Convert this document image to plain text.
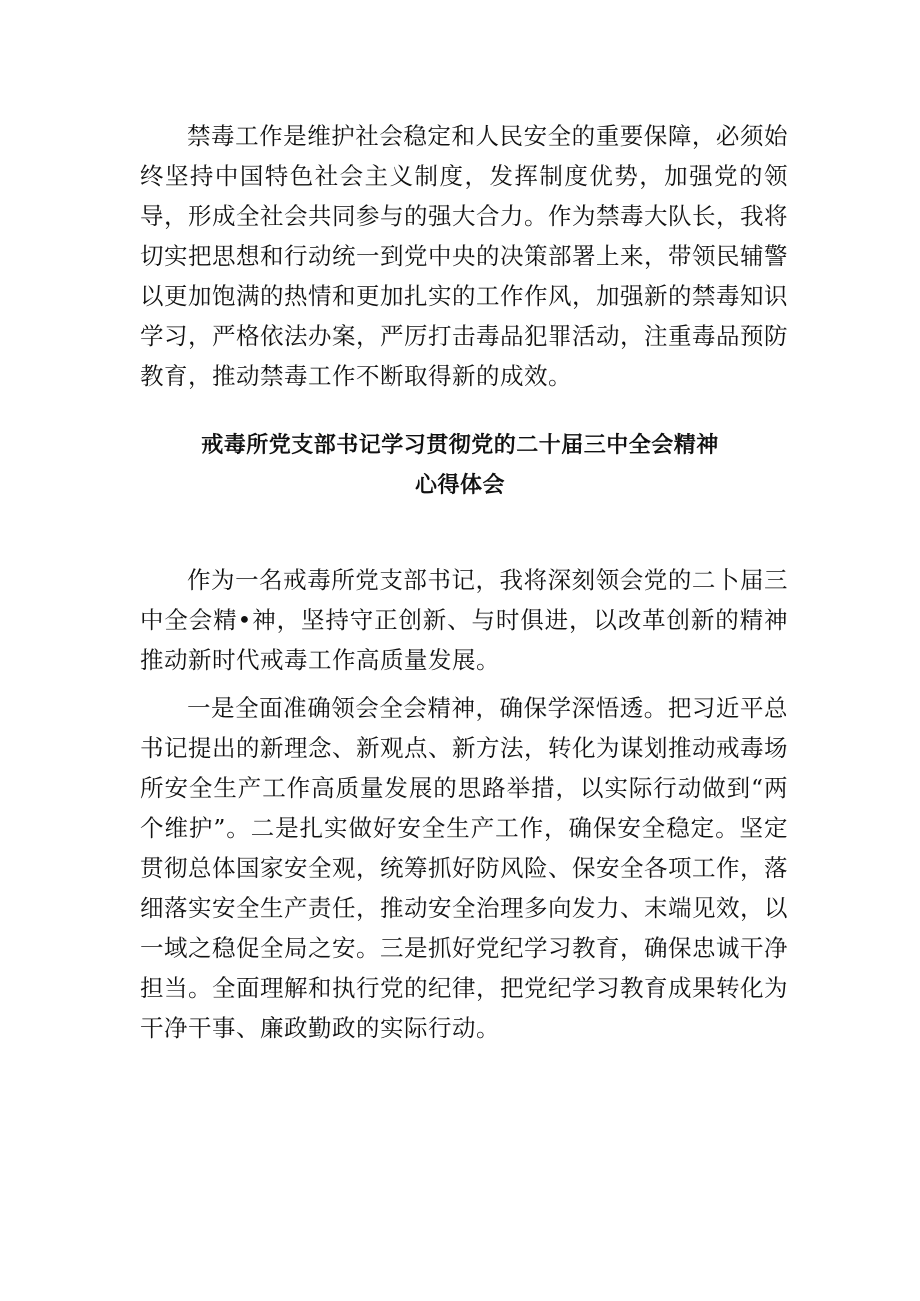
禁毒工作是维护社会稳定和人民安全的重要保障，必须始终坚持中国特色社会主义制度，发挥制度优势，加强党的领导，形成全社会共同参与的强大合力。作为禁毒大队长，我将切实把思想和行动统一到党中央的决策部署上来，带领民辅警以更加饱满的热情和更加扎实的工作作风，加强新的禁毒知识学习，严格依法办案，严厉打击毒品犯罪活动，注重毒品预防教育，推动禁毒工作不断取得新的成效。

戒毒所党支部书记学习贯彻党的二十届三中全会精神
心得体会

作为一名戒毒所党支部书记，我将深刻领会党的二卜届三中全会精•神，坚持守正创新、与时俱进，以改革创新的精神推动新时代戒毒工作高质量发展。

一是全面准确领会全会精神，确保学深悟透。把习近平总书记提出的新理念、新观点、新方法，转化为谋划推动戒毒场所安全生产工作高质量发展的思路举措，以实际行动做到“两个维护”。二是扎实做好安全生产工作，确保安全稳定。坚定贯彻总体国家安全观，统筹抓好防风险、保安全各项工作，落细落实安全生产责任，推动安全治理多向发力、末端见效，以一域之稳促全局之安。三是抓好党纪学习教育，确保忠诚干净担当。全面理解和执行党的纪律，把党纪学习教育成果转化为干净干事、廉政勤政的实际行动。
